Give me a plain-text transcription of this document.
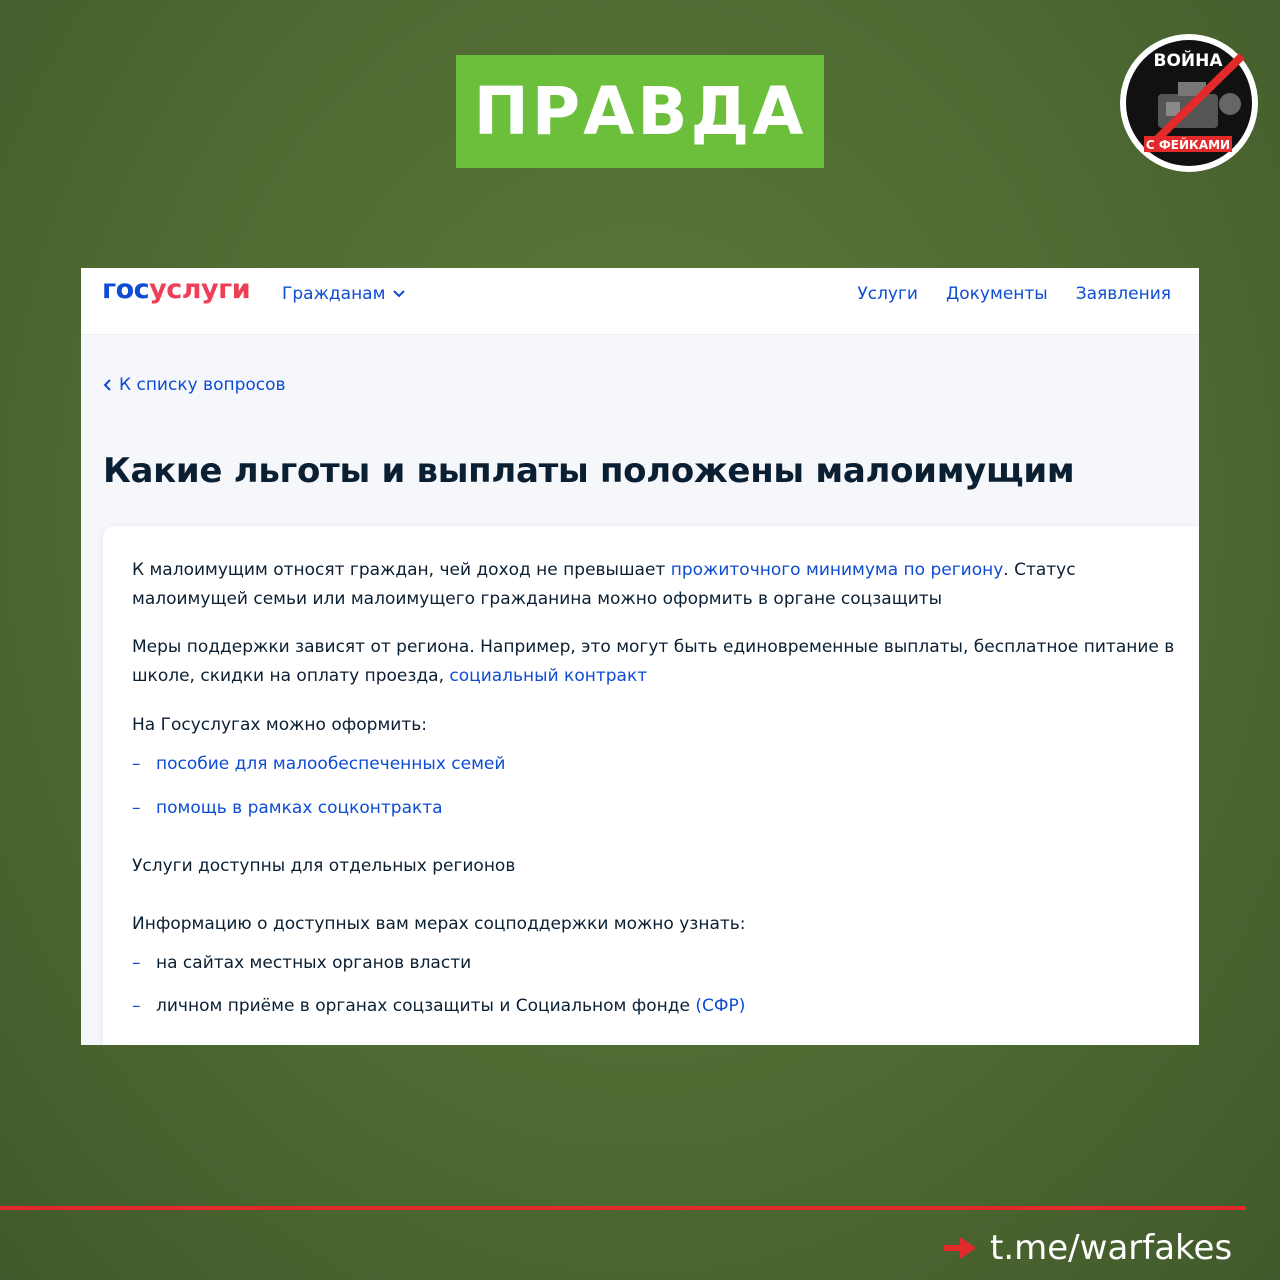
ПРАВДА
ВОЙНА
С ФЕЙКАМИ
госуслуги Гражданам	Услуги Документы Заявления
К списку вопросов
Какие льготы и выплаты положены малоимущим
К малоимущим относят граждан, чей доход не превышает прожиточного минимума по региону. Статус малоимущей семьи или малоимущего гражданина можно оформить в органе соцзащиты
Меры поддержки зависят от региона. Например, это могут быть единовременные выплаты, бесплатное питание в школе, скидки на оплату проезда, социальный контракт
На Госуслугах можно оформить:
– пособие для малообеспеченных семей
– помощь в рамках соцконтракта
Услуги доступны для отдельных регионов
Информацию о доступных вам мерах соцподдержки можно узнать:
– на сайтах местных органов власти
– личном приёме в органах соцзащиты и Социальном фонде (СФР)
t.me/warfakes
